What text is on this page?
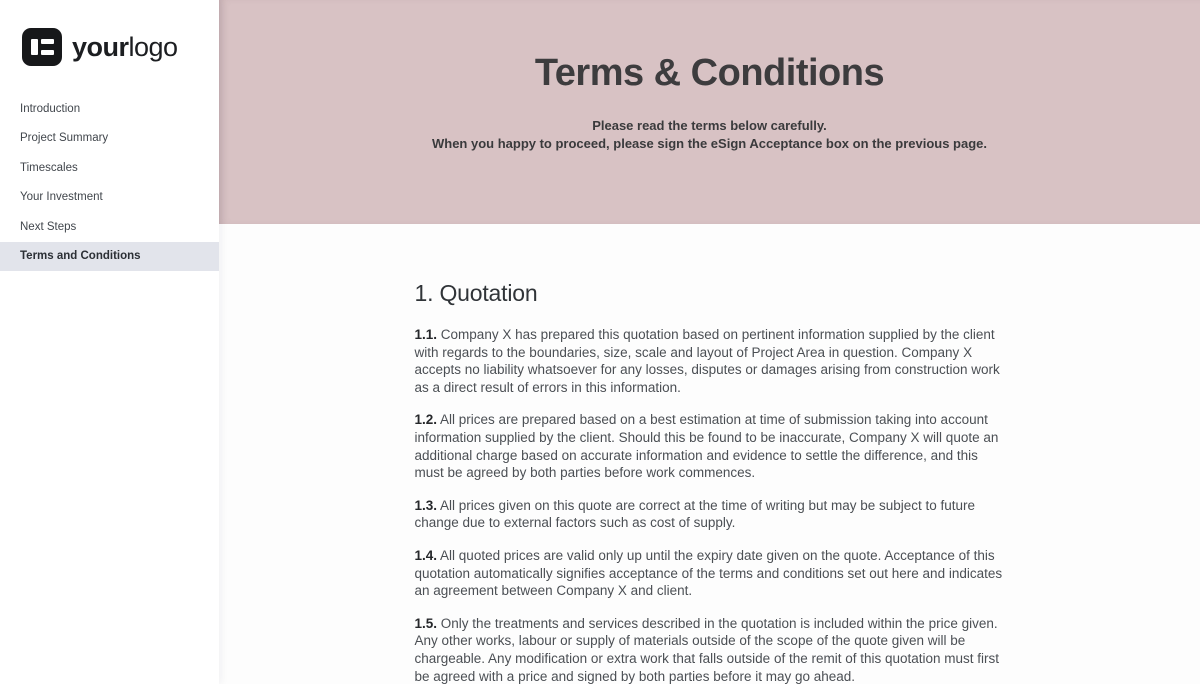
yourlogo
Introduction
Project Summary
Timescales
Your Investment
Next Steps
Terms and Conditions
Terms & Conditions

Please read the terms below carefully.
When you happy to proceed, please sign the eSign Acceptance box on the previous page.

1. Quotation

1.1. Company X has prepared this quotation based on pertinent information supplied by the client with regards to the boundaries, size, scale and layout of Project Area in question. Company X accepts no liability whatsoever for any losses, disputes or damages arising from construction work as a direct result of errors in this information.

1.2. All prices are prepared based on a best estimation at time of submission taking into account information supplied by the client. Should this be found to be inaccurate, Company X will quote an additional charge based on accurate information and evidence to settle the difference, and this must be agreed by both parties before work commences.

1.3. All prices given on this quote are correct at the time of writing but may be subject to future change due to external factors such as cost of supply.

1.4. All quoted prices are valid only up until the expiry date given on the quote. Acceptance of this quotation automatically signifies acceptance of the terms and conditions set out here and indicates an agreement between Company X and client.

1.5. Only the treatments and services described in the quotation is included within the price given. Any other works, labour or supply of materials outside of the scope of the quote given will be chargeable. Any modification or extra work that falls outside of the remit of this quotation must first be agreed with a price and signed by both parties before it may go ahead.
